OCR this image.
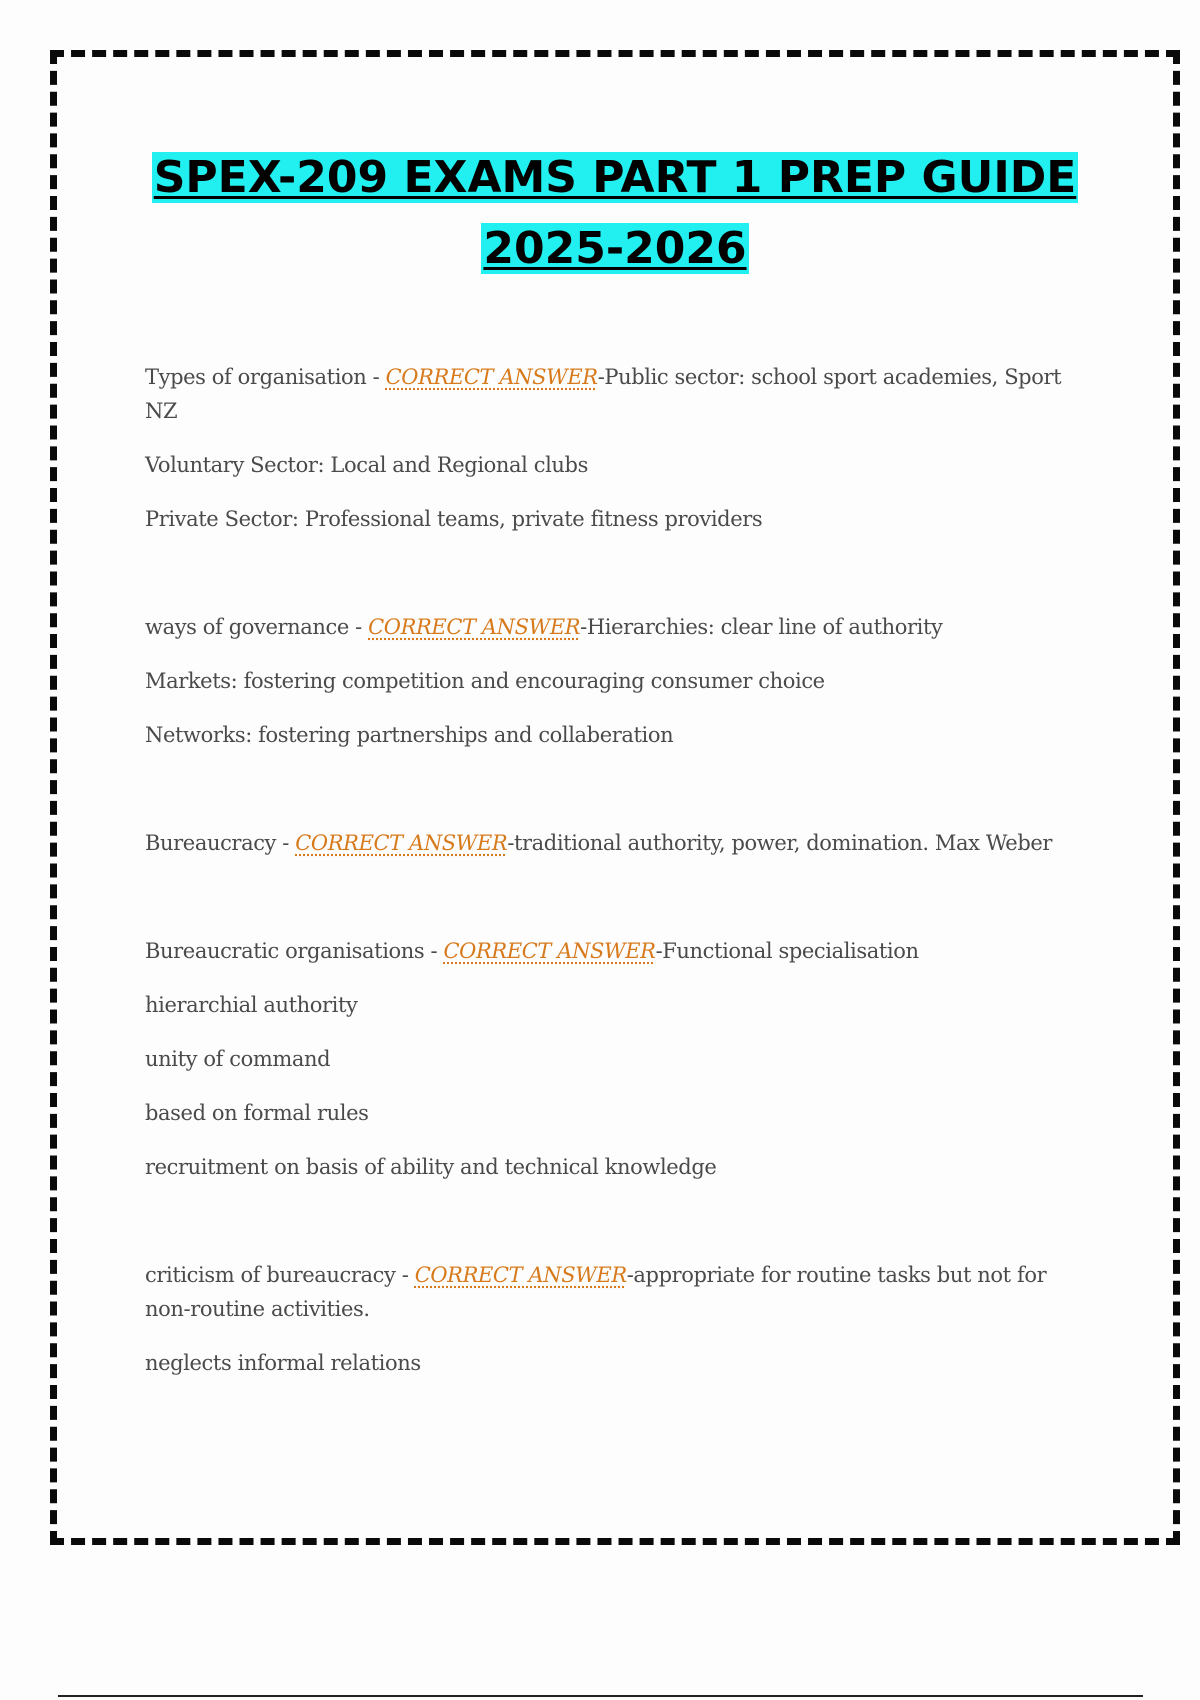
SPEX-209 EXAMS PART 1 PREP GUIDE
2025-2026
Types of organisation - CORRECT ANSWER-Public sector: school sport academies, Sport NZ
Voluntary Sector: Local and Regional clubs
Private Sector: Professional teams, private fitness providers
ways of governance - CORRECT ANSWER-Hierarchies: clear line of authority
Markets: fostering competition and encouraging consumer choice
Networks: fostering partnerships and collaberation
Bureaucracy - CORRECT ANSWER-traditional authority, power, domination. Max Weber
Bureaucratic organisations - CORRECT ANSWER-Functional specialisation
hierarchial authority
unity of command
based on formal rules
recruitment on basis of ability and technical knowledge
criticism of bureaucracy - CORRECT ANSWER-appropriate for routine tasks but not for non-routine activities.
neglects informal relations
